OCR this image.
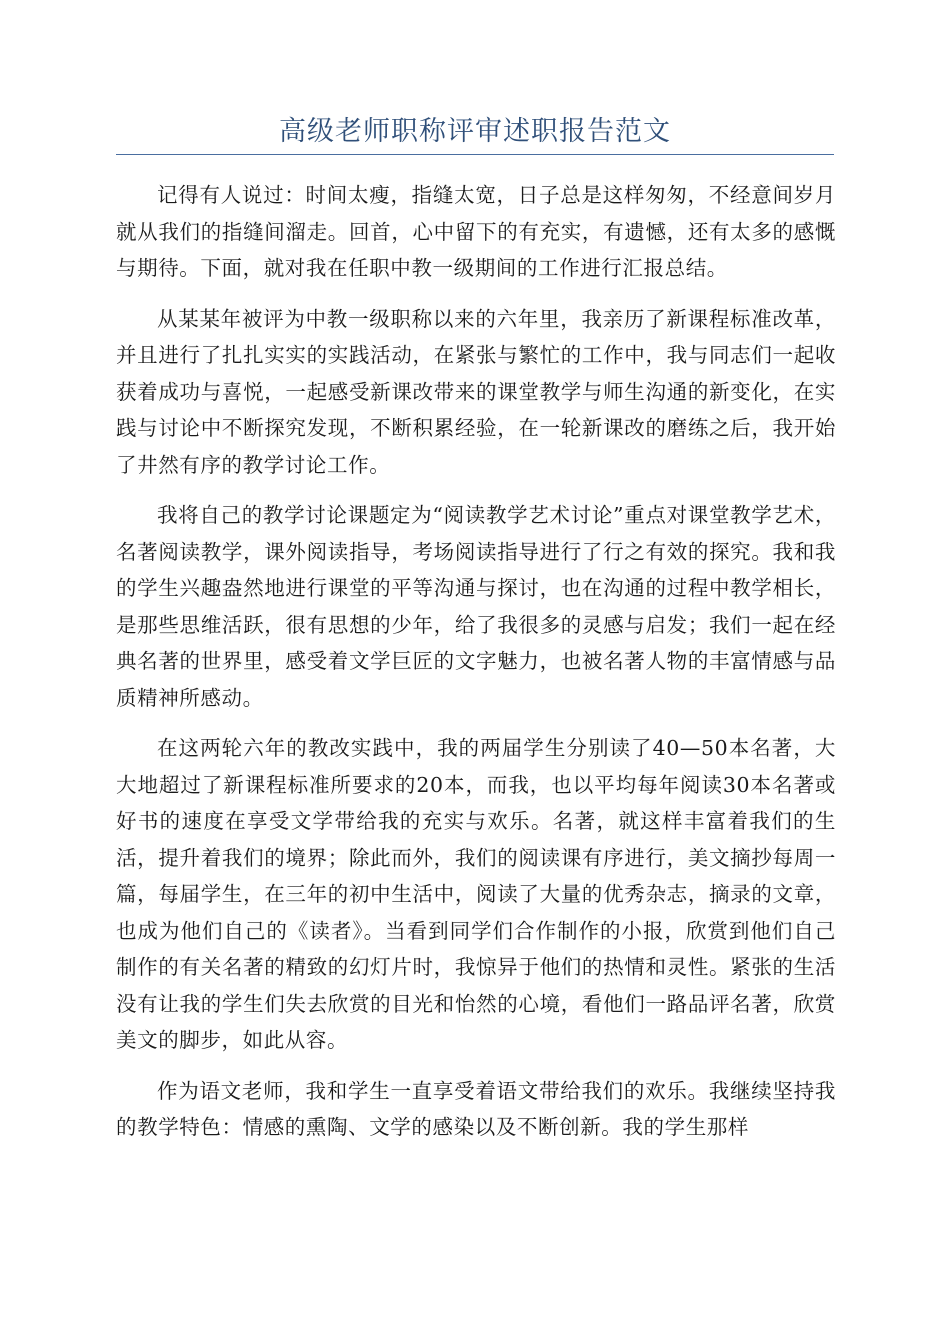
高级老师职称评审述职报告范文

记得有人说过：时间太瘦，指缝太宽，日子总是这样匆匆，不经意间岁月就从我们的指缝间溜走。回首，心中留下的有充实，有遗憾，还有太多的感慨与期待。下面，就对我在任职中教一级期间的工作进行汇报总结。

从某某年被评为中教一级职称以来的六年里，我亲历了新课程标准改革，并且进行了扎扎实实的实践活动，在紧张与繁忙的工作中，我与同志们一起收获着成功与喜悦，一起感受新课改带来的课堂教学与师生沟通的新变化，在实践与讨论中不断探究发现，不断积累经验，在一轮新课改的磨练之后，我开始了井然有序的教学讨论工作。

我将自己的教学讨论课题定为“阅读教学艺术讨论”重点对课堂教学艺术，名著阅读教学，课外阅读指导，考场阅读指导进行了行之有效的探究。我和我的学生兴趣盎然地进行课堂的平等沟通与探讨，也在沟通的过程中教学相长，是那些思维活跃，很有思想的少年，给了我很多的灵感与启发；我们一起在经典名著的世界里，感受着文学巨匠的文字魅力，也被名著人物的丰富情感与品质精神所感动。

在这两轮六年的教改实践中，我的两届学生分别读了40—50本名著，大大地超过了新课程标准所要求的20本，而我，也以平均每年阅读30本名著或好书的速度在享受文学带给我的充实与欢乐。名著，就这样丰富着我们的生活，提升着我们的境界；除此而外，我们的阅读课有序进行，美文摘抄每周一篇，每届学生，在三年的初中生活中，阅读了大量的优秀杂志，摘录的文章，也成为他们自己的《读者》。当看到同学们合作制作的小报，欣赏到他们自己制作的有关名著的精致的幻灯片时，我惊异于他们的热情和灵性。紧张的生活没有让我的学生们失去欣赏的目光和怡然的心境，看他们一路品评名著，欣赏美文的脚步，如此从容。

作为语文老师，我和学生一直享受着语文带给我们的欢乐。我继续坚持我的教学特色：情感的熏陶、文学的感染以及不断创新。我的学生那样
